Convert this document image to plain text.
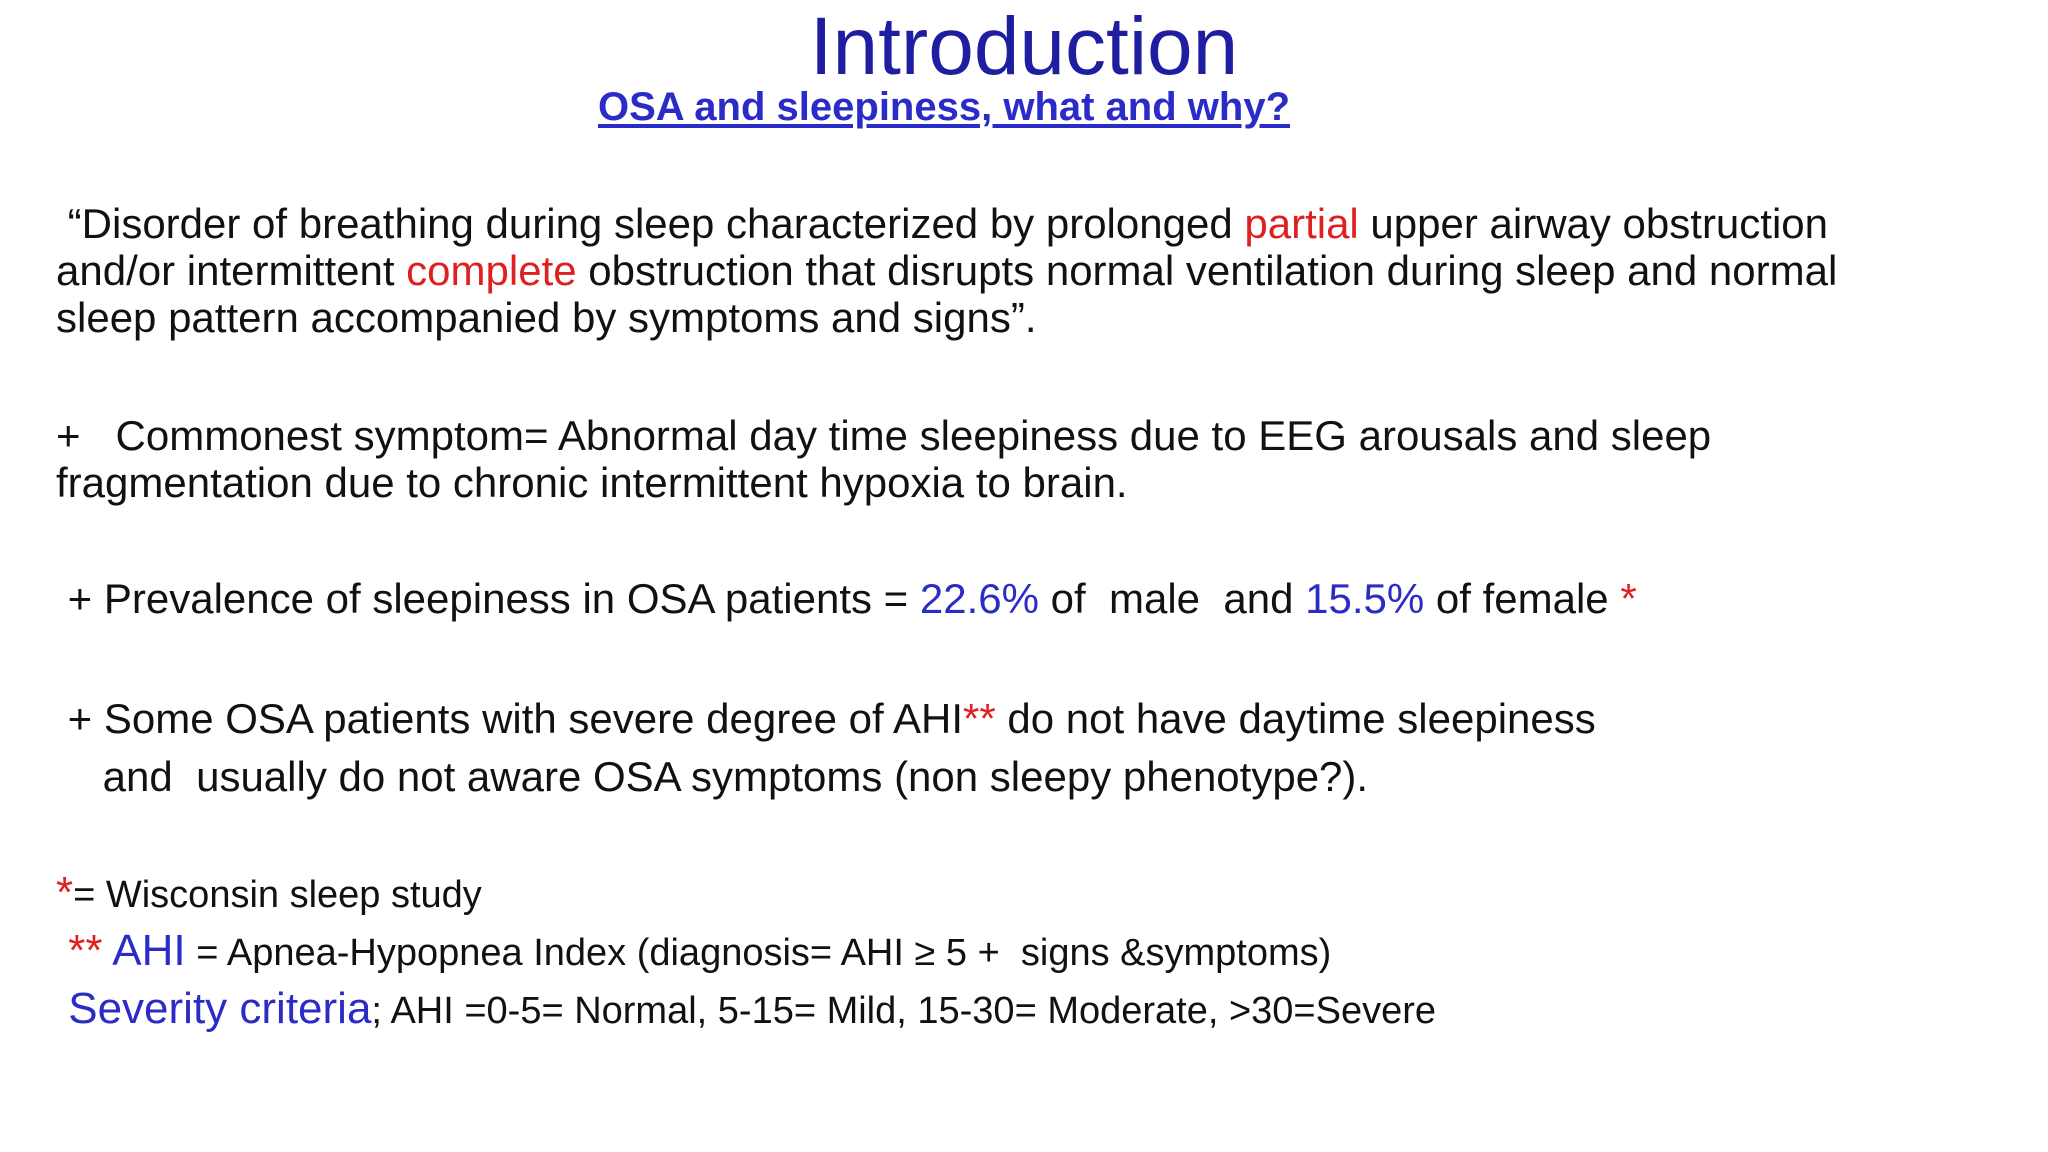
Introduction
OSA and sleepiness, what and why?
“Disorder of breathing during sleep characterized by prolonged partial upper airway obstruction
and/or intermittent complete obstruction that disrupts normal ventilation during sleep and normal
sleep pattern accompanied by symptoms and signs”.
+   Commonest symptom= Abnormal day time sleepiness due to EEG arousals and sleep
fragmentation due to chronic intermittent hypoxia to brain.
+ Prevalence of sleepiness in OSA patients = 22.6% of  male  and 15.5% of female *
+ Some OSA patients with severe degree of AHI** do not have daytime sleepiness
and  usually do not aware OSA symptoms (non sleepy phenotype?).
*= Wisconsin sleep study
** AHI = Apnea-Hypopnea Index (diagnosis= AHI ≥ 5 +  signs &symptoms)
Severity criteria; AHI =0-5= Normal, 5-15= Mild, 15-30= Moderate, >30=Severe
